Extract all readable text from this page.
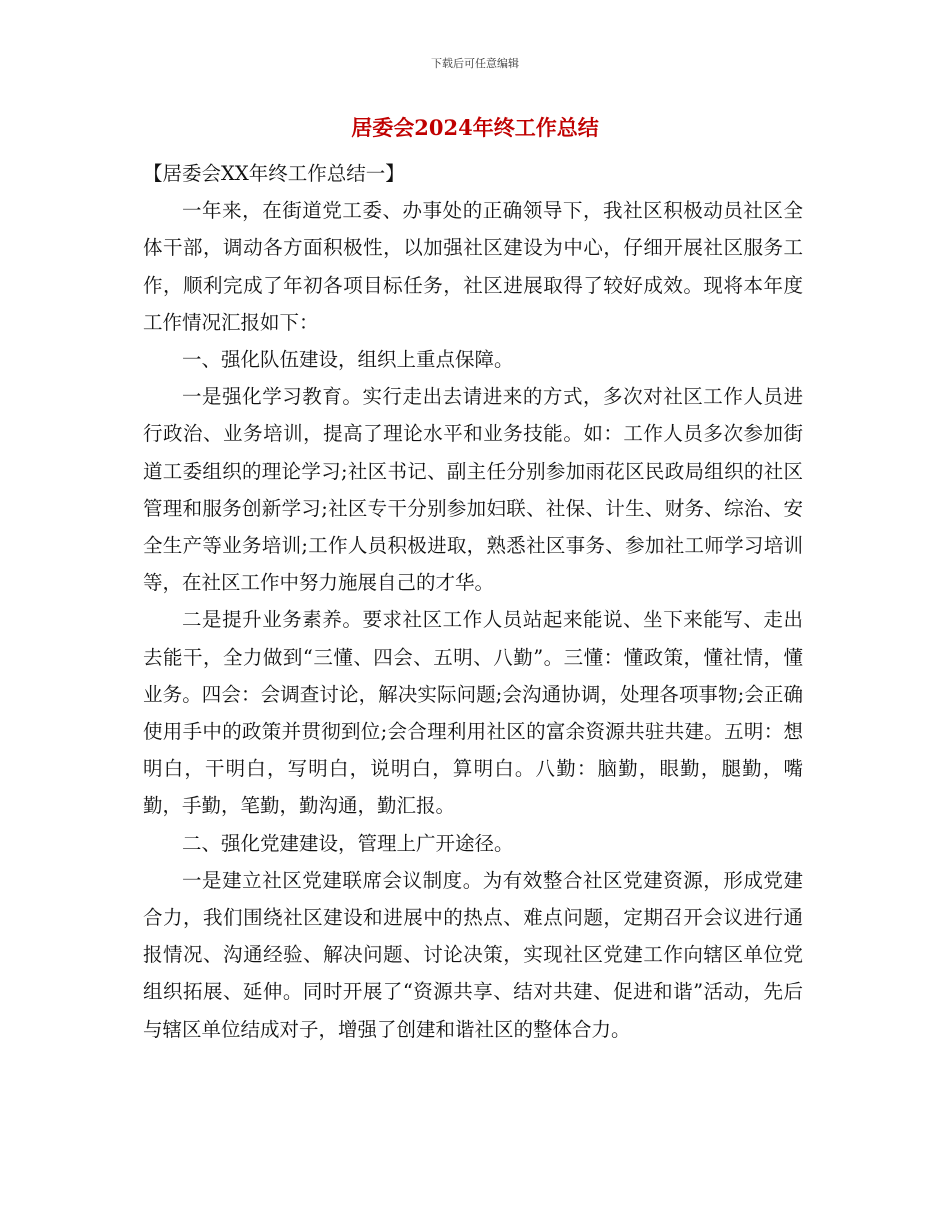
下载后可任意编辑
居委会2024年终工作总结

【居委会XX年终工作总结一】

一年来，在街道党工委、办事处的正确领导下，我社区积极动员社区全体干部，调动各方面积极性，以加强社区建设为中心，仔细开展社区服务工作，顺利完成了年初各项目标任务，社区进展取得了较好成效。现将本年度工作情况汇报如下：

一、强化队伍建设，组织上重点保障。

一是强化学习教育。实行走出去请进来的方式，多次对社区工作人员进行政治、业务培训，提高了理论水平和业务技能。如：工作人员多次参加街道工委组织的理论学习;社区书记、副主任分别参加雨花区民政局组织的社区管理和服务创新学习;社区专干分别参加妇联、社保、计生、财务、综治、安全生产等业务培训;工作人员积极进取，熟悉社区事务、参加社工师学习培训等，在社区工作中努力施展自己的才华。

二是提升业务素养。要求社区工作人员站起来能说、坐下来能写、走出去能干，全力做到“三懂、四会、五明、八勤”。三懂：懂政策，懂社情，懂业务。四会：会调查讨论，解决实际问题;会沟通协调，处理各项事物;会正确使用手中的政策并贯彻到位;会合理利用社区的富余资源共驻共建。五明：想明白，干明白，写明白，说明白，算明白。八勤：脑勤，眼勤，腿勤，嘴勤，手勤，笔勤，勤沟通，勤汇报。

二、强化党建建设，管理上广开途径。

一是建立社区党建联席会议制度。为有效整合社区党建资源，形成党建合力，我们围绕社区建设和进展中的热点、难点问题，定期召开会议进行通报情况、沟通经验、解决问题、讨论决策，实现社区党建工作向辖区单位党组织拓展、延伸。同时开展了“资源共享、结对共建、促进和谐”活动，先后与辖区单位结成对子，增强了创建和谐社区的整体合力。
